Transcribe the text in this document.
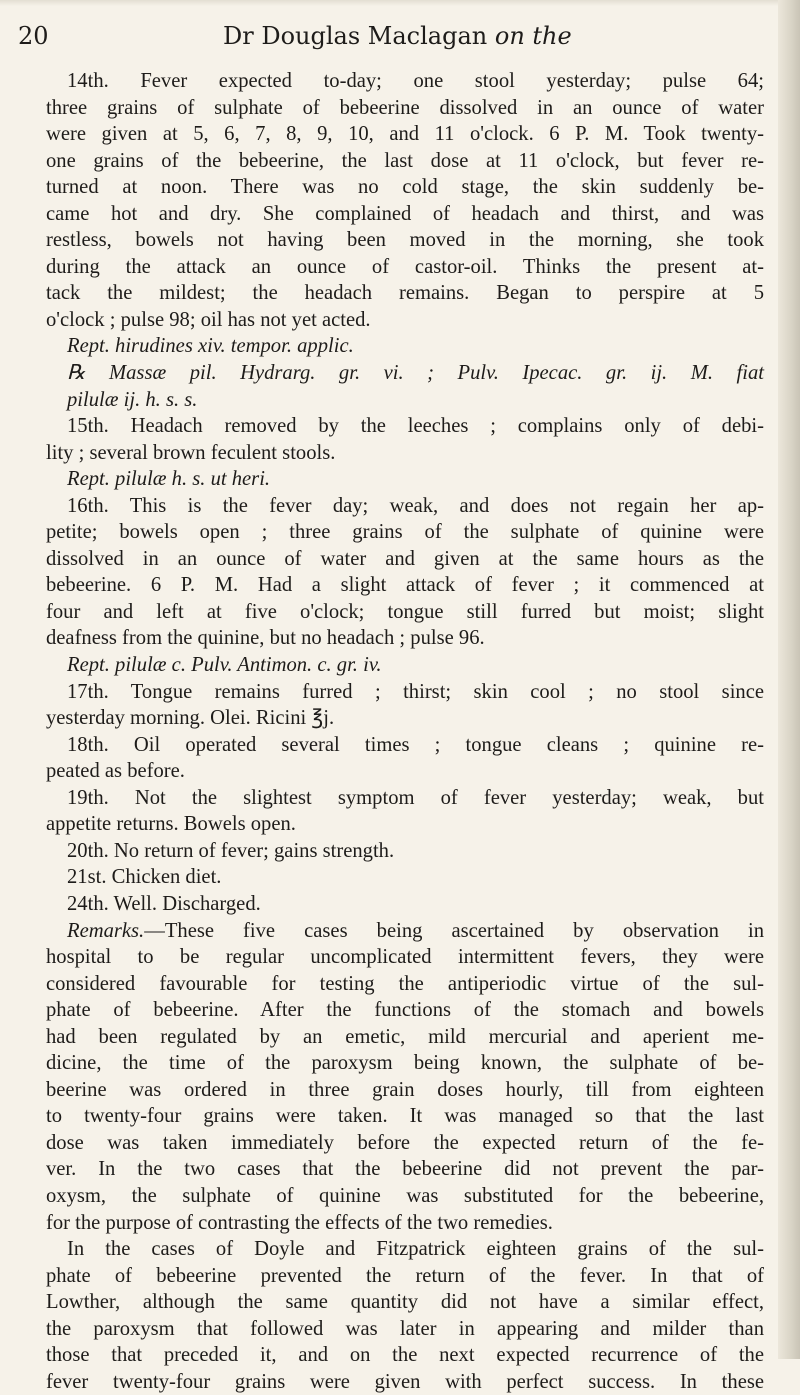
20	Dr Douglas Maclagan on the
14th. Fever expected to-day; one stool yesterday; pulse 64;
three grains of sulphate of bebeerine dissolved in an ounce of water
were given at 5, 6, 7, 8, 9, 10, and 11 o'clock. 6 P. M. Took twenty-
one grains of the bebeerine, the last dose at 11 o'clock, but fever re-
turned at noon. There was no cold stage, the skin suddenly be-
came hot and dry. She complained of headach and thirst, and was
restless, bowels not having been moved in the morning, she took
during the attack an ounce of castor-oil. Thinks the present at-
tack the mildest; the headach remains. Began to perspire at 5
o'clock ; pulse 98; oil has not yet acted.
Rept. hirudines xiv. tempor. applic.
℞ Massæ pil. Hydrarg. gr. vi. ; Pulv. Ipecac. gr. ij. M. fiat
pilulæ ij. h. s. s.
15th. Headach removed by the leeches ; complains only of debi-
lity ; several brown feculent stools.
Rept. pilulæ h. s. ut heri.
16th. This is the fever day; weak, and does not regain her ap-
petite; bowels open ; three grains of the sulphate of quinine were
dissolved in an ounce of water and given at the same hours as the
bebeerine. 6 P. M. Had a slight attack of fever ; it commenced at
four and left at five o'clock; tongue still furred but moist; slight
deafness from the quinine, but no headach ; pulse 96.
Rept. pilulæ c. Pulv. Antimon. c. gr. iv.
17th. Tongue remains furred ; thirst; skin cool ; no stool since
yesterday morning. Olei. Ricini ℥j.
18th. Oil operated several times ; tongue cleans ; quinine re-
peated as before.
19th. Not the slightest symptom of fever yesterday; weak, but
appetite returns. Bowels open.
20th. No return of fever; gains strength.
21st. Chicken diet.
24th. Well. Discharged.
Remarks.—These five cases being ascertained by observation in
hospital to be regular uncomplicated intermittent fevers, they were
considered favourable for testing the antiperiodic virtue of the sul-
phate of bebeerine. After the functions of the stomach and bowels
had been regulated by an emetic, mild mercurial and aperient me-
dicine, the time of the paroxysm being known, the sulphate of be-
beerine was ordered in three grain doses hourly, till from eighteen
to twenty-four grains were taken. It was managed so that the last
dose was taken immediately before the expected return of the fe-
ver. In the two cases that the bebeerine did not prevent the par-
oxysm, the sulphate of quinine was substituted for the bebeerine,
for the purpose of contrasting the effects of the two remedies.
In the cases of Doyle and Fitzpatrick eighteen grains of the sul-
phate of bebeerine prevented the return of the fever. In that of
Lowther, although the same quantity did not have a similar effect,
the paroxysm that followed was later in appearing and milder than
those that preceded it, and on the next expected recurrence of the
fever twenty-four grains were given with perfect success. In these
